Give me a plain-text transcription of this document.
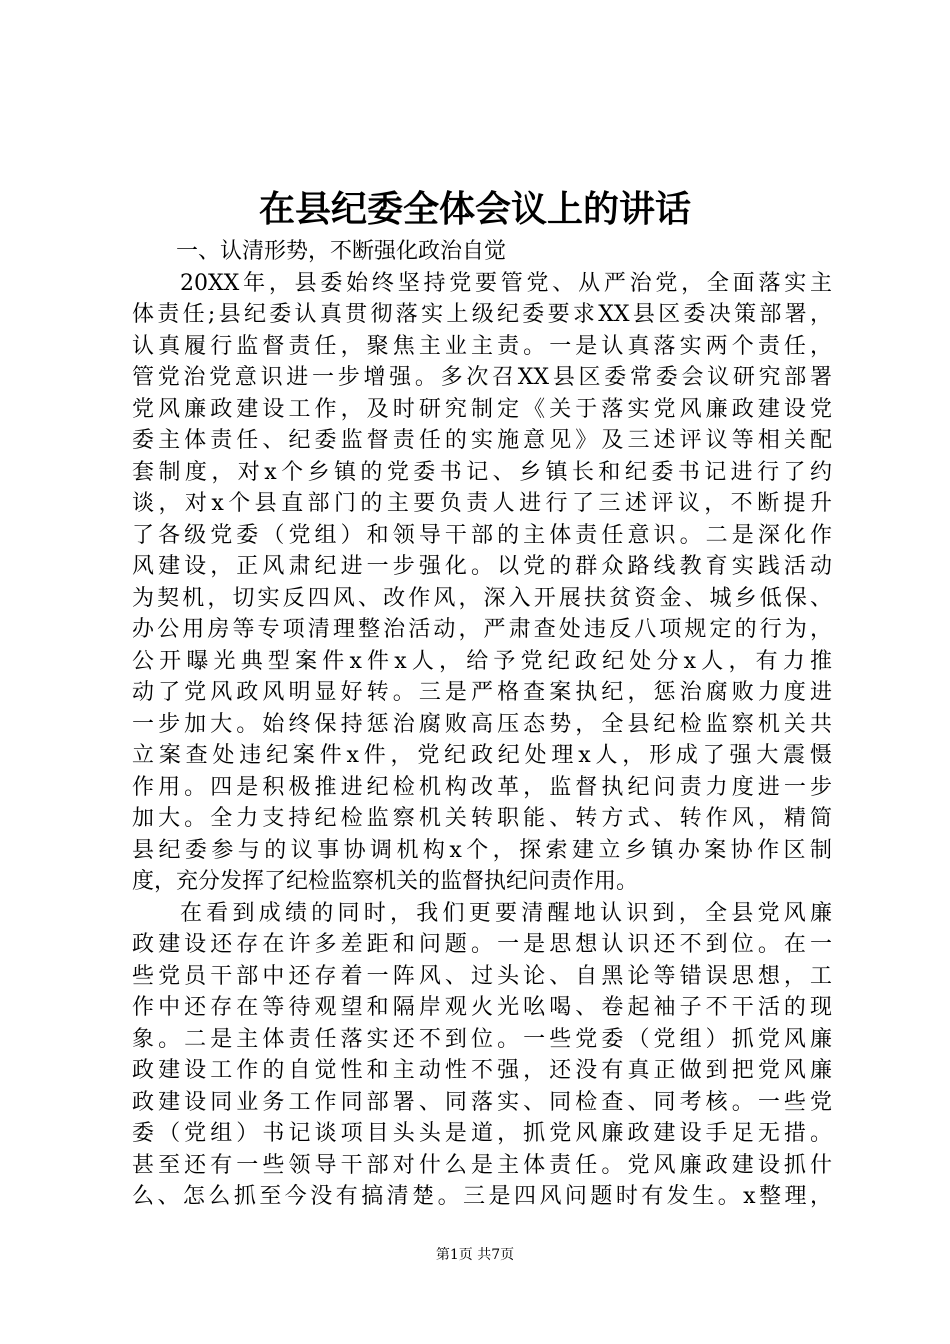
在县纪委全体会议上的讲话

一、认清形势，不断强化政治自觉

20XX年，县委始终坚持党要管党、从严治党，全面落实主
体责任;县纪委认真贯彻落实上级纪委要求XX县区委决策部署，
认真履行监督责任，聚焦主业主责。一是认真落实两个责任，
管党治党意识进一步增强。多次召XX县区委常委会议研究部署
党风廉政建设工作，及时研究制定《关于落实党风廉政建设党
委主体责任、纪委监督责任的实施意见》及三述评议等相关配
套制度，对x个乡镇的党委书记、乡镇长和纪委书记进行了约
谈，对x个县直部门的主要负责人进行了三述评议，不断提升
了各级党委（党组）和领导干部的主体责任意识。二是深化作
风建设，正风肃纪进一步强化。以党的群众路线教育实践活动
为契机，切实反四风、改作风，深入开展扶贫资金、城乡低保、
办公用房等专项清理整治活动，严肃查处违反八项规定的行为，
公开曝光典型案件x件x人，给予党纪政纪处分x人，有力推
动了党风政风明显好转。三是严格查案执纪，惩治腐败力度进
一步加大。始终保持惩治腐败高压态势，全县纪检监察机关共
立案查处违纪案件x件，党纪政纪处理x人，形成了强大震慑
作用。四是积极推进纪检机构改革，监督执纪问责力度进一步
加大。全力支持纪检监察机关转职能、转方式、转作风，精简
县纪委参与的议事协调机构x个，探索建立乡镇办案协作区制
度，充分发挥了纪检监察机关的监督执纪问责作用。
在看到成绩的同时，我们更要清醒地认识到，全县党风廉
政建设还存在许多差距和问题。一是思想认识还不到位。在一
些党员干部中还存着一阵风、过头论、自黑论等错误思想，工
作中还存在等待观望和隔岸观火光吆喝、卷起袖子不干活的现
象。二是主体责任落实还不到位。一些党委（党组）抓党风廉
政建设工作的自觉性和主动性不强，还没有真正做到把党风廉
政建设同业务工作同部署、同落实、同检查、同考核。一些党
委（党组）书记谈项目头头是道，抓党风廉政建设手足无措。
甚至还有一些领导干部对什么是主体责任。党风廉政建设抓什
么、怎么抓至今没有搞清楚。三是四风问题时有发生。x整理，
第1页 共7页
